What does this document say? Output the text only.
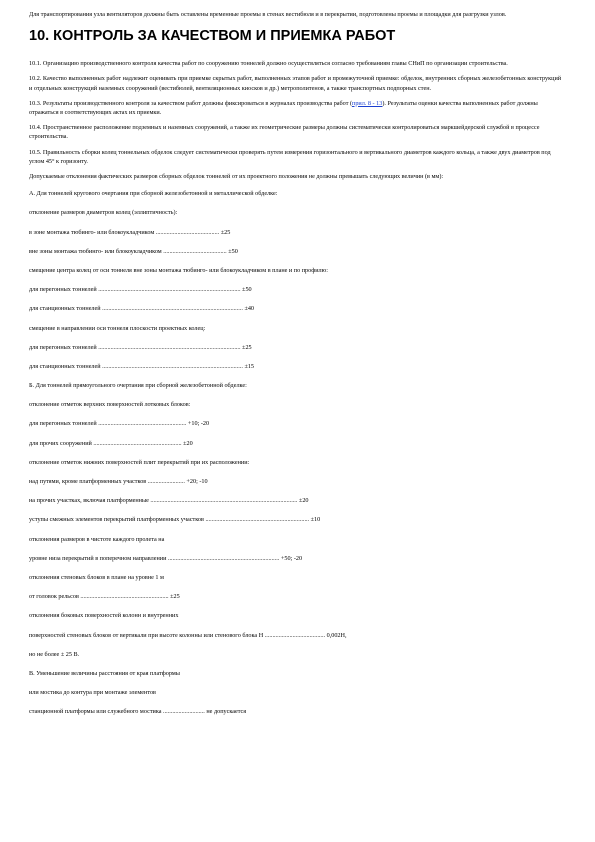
Для транспортирования узла вентиляторов должны быть оставлены временные проемы в стенах вестибюля и в перекрытии, подготовлены проемы и площадки для разгрузки узлов.

10. КОНТРОЛЬ ЗА КАЧЕСТВОМ И ПРИЕМКА РАБОТ

10.1. Организацию производственного контроля качества работ по сооружению тоннелей должно осуществляться согласно требованиям главы СНиП по организации строительства.

10.2. Качество выполненных работ надлежит оценивать при приемке скрытых работ, выполненных этапов работ и промежуточной приемке: обделок, внутренних сборных железобетонных конструкций и отдельных конструкций наземных сооружений (вестибюлей, вентиляционных киосков и др.) метрополитенов, а также транспортных подпорных стен.

10.3. Результаты производственного контроля за качеством работ должны фиксироваться в журналах производства работ (прил. 8 - 13). Результаты оценки качества выполненных работ должны отражаться в соответствующих актах их приемки.

10.4. Пространственное расположение подземных и наземных сооружений, а также их геометрические размеры должны систематически контролироваться маркшейдерской службой в процессе строительства.

10.5. Правильность сборки колец тоннельных обделок следует систематически проверять путем измерения горизонтального и вертикального диаметров каждого кольца, а также двух диаметров под углом 45° к горизонту.

Допускаемые отклонения фактических размеров сборных обделок тоннелей от их проектного положения не должны превышать следующих величин (в мм):

А. Для тоннелей кругового очертания при сборной железобетонной и металлической обделке:
отклонение размеров диаметров колец (эллиптичность):
в зоне монтажа тюбинго- или блокоукладчиком ......................................... ±25
вне зоны монтажа тюбинго- или блокоукладчиком ......................................... ±50
смещение центра колец от оси тоннеля вне зоны монтажа тюбинго- или блокоукладчиком в плане и по профилю:
для перегонных тоннелей ............................................................................................ ±50
для станционных тоннелей ........................................................................................... ±40
смещение в направлении оси тоннеля плоскости проектных колец:
для перегонных тоннелей ............................................................................................ ±25
для станционных тоннелей ........................................................................................... ±15
Б. Для тоннелей прямоугольного очертания при сборной железобетонной обделке:
отклонение отметок верхних поверхностей лотковых блоков:
для перегонных тоннелей ......................................................... +10; -20
для прочих сооружений ......................................................... ±20
отклонение отметок нижних поверхностей плит перекрытий при их расположении:
над путями, кроме платформенных участков ........................ +20; -10
на прочих участках, включая платформенные ............................................................................................... ±20
уступы смежных элементов перекрытий платформенных участков ................................................................... ±10
отклонения размеров в чистоте каждого пролета на
уровне низа перекрытий в поперечном направлении ........................................................................ +50; -20
отклонения стеновых блоков в плане на уровне 1 м
от головок рельсов ......................................................... ±25
отклонения боковых поверхностей колонн и внутренних
поверхностей стеновых блоков от вертикали при высоте колонны или стенового блока Н ....................................... 0,002Н,
но не более ± 25 В.
В. Уменьшение величины расстояния от края платформы
или мостика до контура при монтаже элементов
станционной платформы или служебного мостика ........................... не допускается
